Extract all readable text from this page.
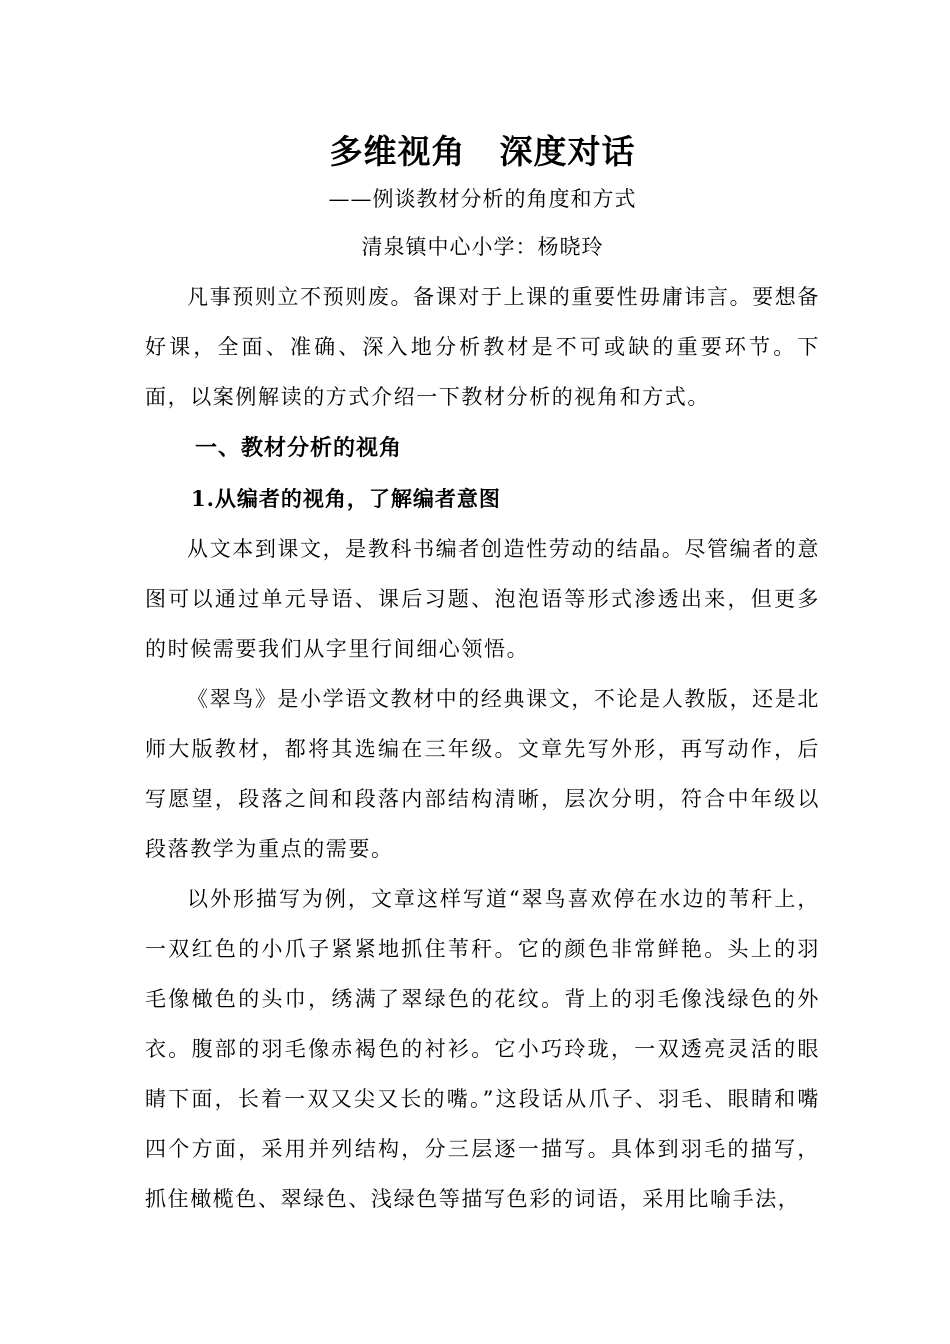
多维视角　深度对话

——例谈教材分析的角度和方式

清泉镇中心小学：杨晓玲

凡事预则立不预则废。备课对于上课的重要性毋庸讳言。要想备好课，全面、准确、深入地分析教材是不可或缺的重要环节。下面，以案例解读的方式介绍一下教材分析的视角和方式。

一、教材分析的视角
1.从编者的视角，了解编者意图

从文本到课文，是教科书编者创造性劳动的结晶。尽管编者的意图可以通过单元导语、课后习题、泡泡语等形式渗透出来，但更多的时候需要我们从字里行间细心领悟。

《翠鸟》是小学语文教材中的经典课文，不论是人教版，还是北师大版教材，都将其选编在三年级。文章先写外形，再写动作，后写愿望，段落之间和段落内部结构清晰，层次分明，符合中年级以段落教学为重点的需要。

以外形描写为例，文章这样写道“翠鸟喜欢停在水边的苇秆上，一双红色的小爪子紧紧地抓住苇秆。它的颜色非常鲜艳。头上的羽毛像橄色的头巾，绣满了翠绿色的花纹。背上的羽毛像浅绿色的外衣。腹部的羽毛像赤褐色的衬衫。它小巧玲珑，一双透亮灵活的眼睛下面，长着一双又尖又长的嘴。”这段话从爪子、羽毛、眼睛和嘴四个方面，采用并列结构，分三层逐一描写。具体到羽毛的描写，抓住橄榄色、翠绿色、浅绿色等描写色彩的词语，采用比喻手法，
